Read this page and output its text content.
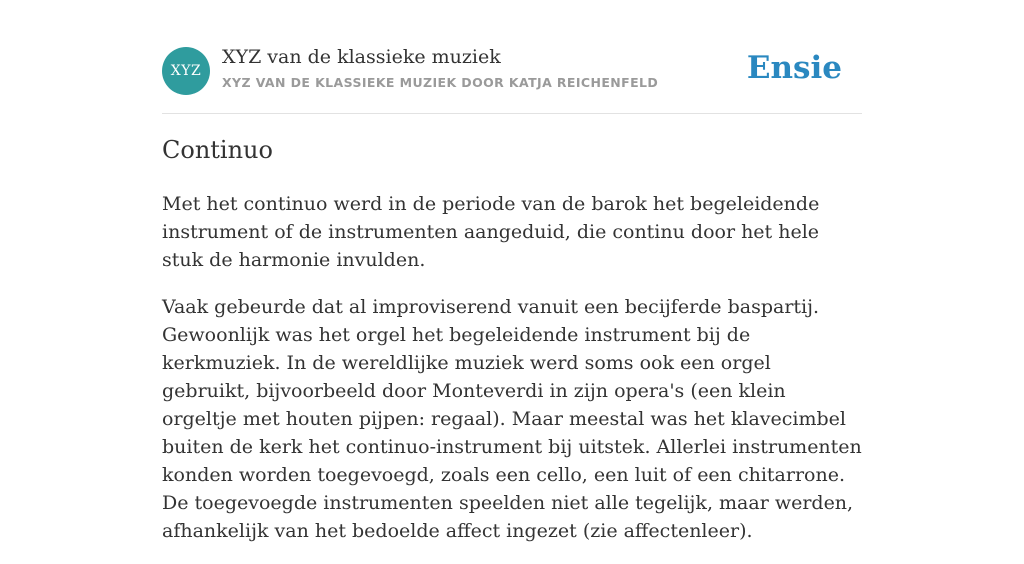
XYZ
XYZ van de klassieke muziek
XYZ VAN DE KLASSIEKE MUZIEK DOOR KATJA REICHENFELD	Ensie
Continuo

Met het continuo werd in de periode van de barok het begeleidende instrument of de instrumenten aangeduid, die continu door het hele stuk de harmonie invulden.

Vaak gebeurde dat al improviserend vanuit een becijferde baspartij. Gewoonlijk was het orgel het begeleidende instrument bij de kerkmuziek. In de wereldlijke muziek werd soms ook een orgel gebruikt, bijvoorbeeld door Monteverdi in zijn opera's (een klein orgeltje met houten pijpen: regaal). Maar meestal was het klavecimbel buiten de kerk het continuo-instrument bij uitstek. Allerlei instrumenten konden worden toegevoegd, zoals een cello, een luit of een chitarrone. De toegevoegde instrumenten speelden niet alle tegelijk, maar werden, afhankelijk van het bedoelde affect ingezet (zie affectenleer).
